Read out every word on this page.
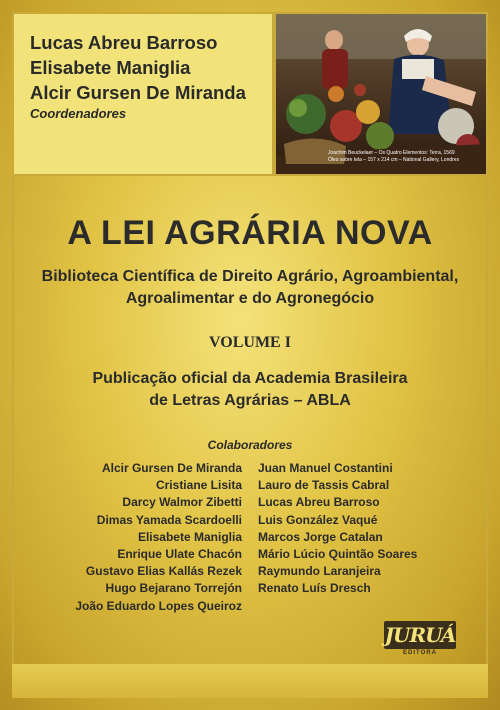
Lucas Abreu Barroso
Elisabete Maniglia
Alcir Gursen De Miranda
Coordenadores
Joachim Beuckelaer – Os Quatro Elementos: Terra, 1569
Óleo sobre tela – 157 x 214 cm – National Gallery, Londres
A LEI AGRÁRIA NOVA
Biblioteca Científica de Direito Agrário, Agroambiental,
Agroalimentar e do Agronegócio
VOLUME I
Publicação oficial da Academia Brasileira
de Letras Agrárias – ABLA
Colaboradores
Alcir Gursen De Miranda
Cristiane Lisita
Darcy Walmor Zibetti
Dimas Yamada Scardoelli
Elisabete Maniglia
Enrique Ulate Chacón
Gustavo Elias Kallás Rezek
Hugo Bejarano Torrejón
João Eduardo Lopes Queiroz
Juan Manuel Costantini
Lauro de Tassis Cabral
Lucas Abreu Barroso
Luis González Vaqué
Marcos Jorge Catalan
Mário Lúcio Quintão Soares
Raymundo Laranjeira
Renato Luís Dresch
JURUÁ
EDITORA
